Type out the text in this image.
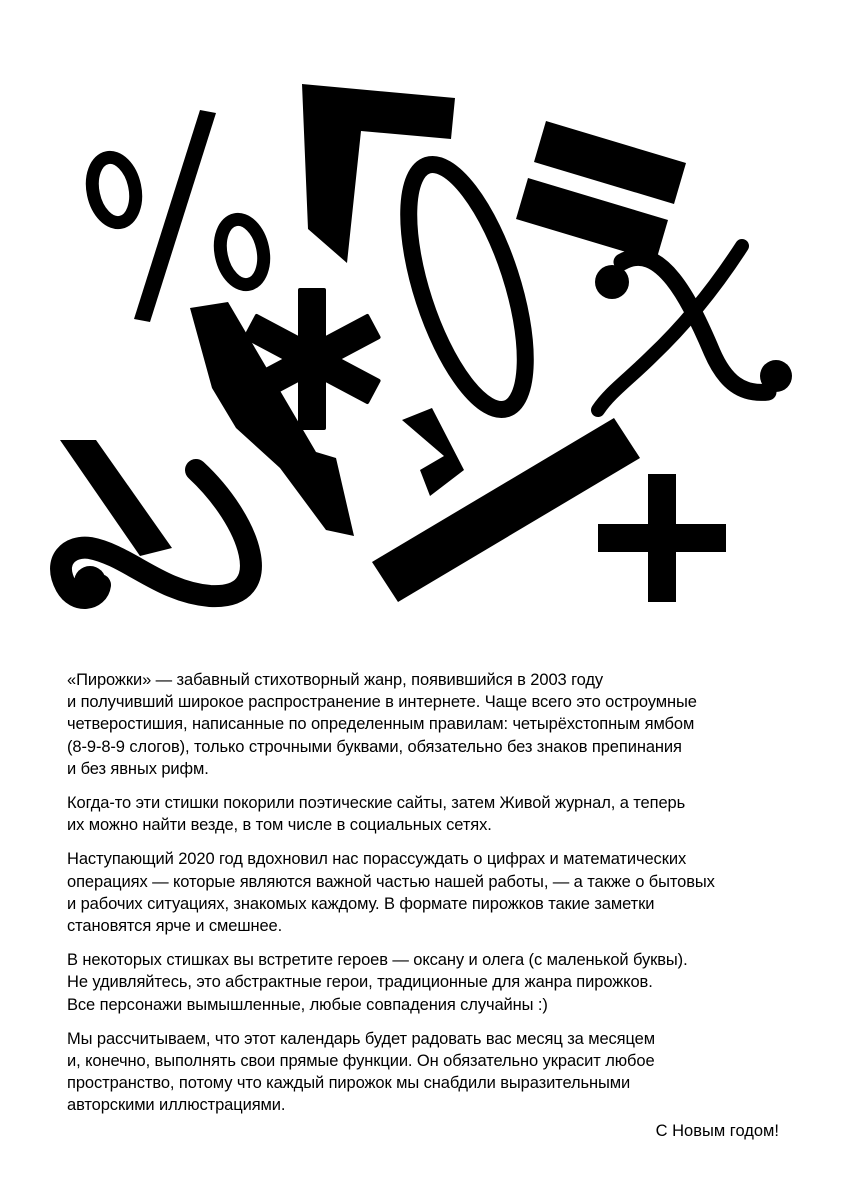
«Пирожки» — забавный стихотворный жанр, появившийся в 2003 году
и получивший широкое распространение в интернете. Чаще всего это остроумные
четверостишия, написанные по определенным правилам: четырёхстопным ямбом
(8-9-8-9 слогов), только строчными буквами, обязательно без знаков препинания
и без явных рифм.

Когда-то эти стишки покорили поэтические сайты, затем Живой журнал, а теперь
их можно найти везде, в том числе в социальных сетях.

Наступающий 2020 год вдохновил нас порассуждать о цифрах и математических
операциях — которые являются важной частью нашей работы, — а также о бытовых
и рабочих ситуациях, знакомых каждому. В формате пирожков такие заметки
становятся ярче и смешнее.

В некоторых стишках вы встретите героев — оксану и олега (с маленькой буквы).
Не удивляйтесь, это абстрактные герои, традиционные для жанра пирожков.
Все персонажи вымышленные, любые совпадения случайны :)

Мы рассчитываем, что этот календарь будет радовать вас месяц за месяцем
и, конечно, выполнять свои прямые функции. Он обязательно украсит любое
пространство, потому что каждый пирожок мы снабдили выразительными
авторскими иллюстрациями.

С Новым годом!
